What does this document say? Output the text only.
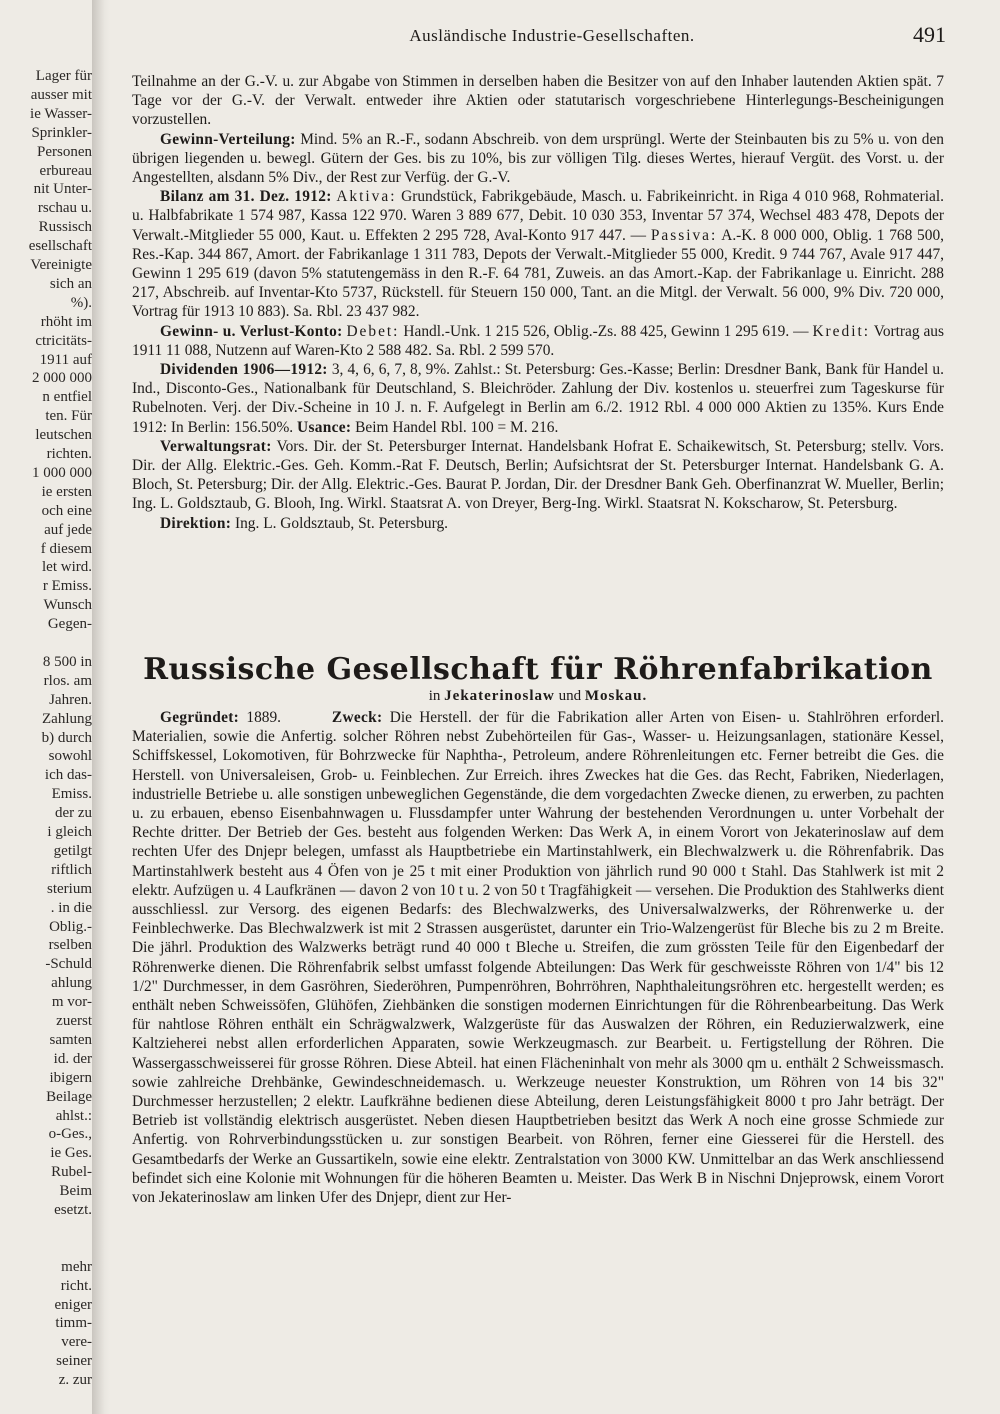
Lager für
ausser mit
ie Wasser-
Sprinkler-
Personen
erbureau
nit Unter-
rschau u.
Russisch
esellschaft
Vereinigte
sich an
%).
rhöht im
ctricitäts-
1911 auf
2 000 000
n entfiel
ten. Für
leutschen
richten.
1 000 000
ie ersten
och eine
auf jede
f diesem
let wird.
r Emiss.
Wunsch
Gegen-
8 500 in
rlos. am
Jahren.
Zahlung
b) durch
sowohl
ich das-
Emiss.
der zu
i gleich
getilgt
riftlich
sterium
. in die
Oblig.-
rselben
-Schuld
ahlung
m vor-
zuerst
samten
id. der
ibigern
Beilage
ahlst.:
o-Ges.,
ie Ges.
Rubel-
Beim
esetzt.
mehr
richt.
eniger
timm-
vere-
seiner
z. zur
Ausländische Industrie-Gesellschaften.	491

Teilnahme an der G.-V. u. zur Abgabe von Stimmen in derselben haben die Besitzer von auf den Inhaber lautenden Aktien spät. 7 Tage vor der G.-V. der Verwalt. entweder ihre Aktien oder statutarisch vorgeschriebene Hinterlegungs-Bescheinigungen vorzustellen.

Gewinn-Verteilung: Mind. 5% an R.-F., sodann Abschreib. von dem ursprüngl. Werte der Steinbauten bis zu 5% u. von den übrigen liegenden u. bewegl. Gütern der Ges. bis zu 10%, bis zur völligen Tilg. dieses Wertes, hierauf Vergüt. des Vorst. u. der Angestellten, alsdann 5% Div., der Rest zur Verfüg. der G.-V.

Bilanz am 31. Dez. 1912: Aktiva: Grundstück, Fabrikgebäude, Masch. u. Fabrikeinricht. in Riga 4 010 968, Rohmaterial. u. Halbfabrikate 1 574 987, Kassa 122 970. Waren 3 889 677, Debit. 10 030 353, Inventar 57 374, Wechsel 483 478, Depots der Verwalt.-Mitglieder 55 000, Kaut. u. Effekten 2 295 728, Aval-Konto 917 447. — Passiva: A.-K. 8 000 000, Oblig. 1 768 500, Res.-Kap. 344 867, Amort. der Fabrikanlage 1 311 783, Depots der Verwalt.-Mitglieder 55 000, Kredit. 9 744 767, Avale 917 447, Gewinn 1 295 619 (davon 5% statutengemäss in den R.-F. 64 781, Zuweis. an das Amort.-Kap. der Fabrikanlage u. Einricht. 288 217, Abschreib. auf Inventar-Kto 5737, Rückstell. für Steuern 150 000, Tant. an die Mitgl. der Verwalt. 56 000, 9% Div. 720 000, Vortrag für 1913 10 883). Sa. Rbl. 23 437 982.

Gewinn- u. Verlust-Konto: Debet: Handl.-Unk. 1 215 526, Oblig.-Zs. 88 425, Gewinn 1 295 619. — Kredit: Vortrag aus 1911 11 088, Nutzenn auf Waren-Kto 2 588 482. Sa. Rbl. 2 599 570.

Dividenden 1906—1912: 3, 4, 6, 6, 7, 8, 9%. Zahlst.: St. Petersburg: Ges.-Kasse; Berlin: Dresdner Bank, Bank für Handel u. Ind., Disconto-Ges., Nationalbank für Deutschland, S. Bleichröder. Zahlung der Div. kostenlos u. steuerfrei zum Tageskurse für Rubelnoten. Verj. der Div.-Scheine in 10 J. n. F. Aufgelegt in Berlin am 6./2. 1912 Rbl. 4 000 000 Aktien zu 135%. Kurs Ende 1912: In Berlin: 156.50%. Usance: Beim Handel Rbl. 100 = M. 216.

Verwaltungsrat: Vors. Dir. der St. Petersburger Internat. Handelsbank Hofrat E. Schaikewitsch, St. Petersburg; stellv. Vors. Dir. der Allg. Elektric.-Ges. Geh. Komm.-Rat F. Deutsch, Berlin; Aufsichtsrat der St. Petersburger Internat. Handelsbank G. A. Bloch, St. Petersburg; Dir. der Allg. Elektric.-Ges. Baurat P. Jordan, Dir. der Dresdner Bank Geh. Oberfinanzrat W. Mueller, Berlin; Ing. L. Goldsztaub, G. Blooh, Ing. Wirkl. Staatsrat A. von Dreyer, Berg-Ing. Wirkl. Staatsrat N. Kokscharow, St. Petersburg.

Direktion: Ing. L. Goldsztaub, St. Petersburg.

Russische Gesellschaft für Röhrenfabrikation
in Jekaterinoslaw und Moskau.

Gegründet: 1889.	Zweck: Die Herstell. der für die Fabrikation aller Arten von Eisen- u. Stahlröhren erforderl. Materialien, sowie die Anfertig. solcher Röhren nebst Zubehörteilen für Gas-, Wasser- u. Heizungsanlagen, stationäre Kessel, Schiffskessel, Lokomotiven, für Bohrzwecke für Naphtha-, Petroleum, andere Röhrenleitungen etc. Ferner betreibt die Ges. die Herstell. von Universaleisen, Grob- u. Feinblechen. Zur Erreich. ihres Zweckes hat die Ges. das Recht, Fabriken, Niederlagen, industrielle Betriebe u. alle sonstigen unbeweglichen Gegenstände, die dem vorgedachten Zwecke dienen, zu erwerben, zu pachten u. zu erbauen, ebenso Eisenbahnwagen u. Flussdampfer unter Wahrung der bestehenden Verordnungen u. unter Vorbehalt der Rechte dritter. Der Betrieb der Ges. besteht aus folgenden Werken: Das Werk A, in einem Vorort von Jekaterinoslaw auf dem rechten Ufer des Dnjepr belegen, umfasst als Hauptbetriebe ein Martinstahlwerk, ein Blechwalzwerk u. die Röhrenfabrik. Das Martinstahlwerk besteht aus 4 Öfen von je 25 t mit einer Produktion von jährlich rund 90 000 t Stahl. Das Stahlwerk ist mit 2 elektr. Aufzügen u. 4 Laufkränen — davon 2 von 10 t u. 2 von 50 t Tragfähigkeit — versehen. Die Produktion des Stahlwerks dient ausschliessl. zur Versorg. des eigenen Bedarfs: des Blechwalzwerks, des Universalwalzwerks, der Röhrenwerke u. der Feinblechwerke. Das Blechwalzwerk ist mit 2 Strassen ausgerüstet, darunter ein Trio-Walzengerüst für Bleche bis zu 2 m Breite. Die jährl. Produktion des Walzwerks beträgt rund 40 000 t Bleche u. Streifen, die zum grössten Teile für den Eigenbedarf der Röhrenwerke dienen. Die Röhrenfabrik selbst umfasst folgende Abteilungen: Das Werk für geschweisste Röhren von 1/4" bis 12 1/2" Durchmesser, in dem Gasröhren, Siederöhren, Pumpenröhren, Bohrröhren, Naphthaleitungsröhren etc. hergestellt werden; es enthält neben Schweissöfen, Glühöfen, Ziehbänken die sonstigen modernen Einrichtungen für die Röhrenbearbeitung. Das Werk für nahtlose Röhren enthält ein Schrägwalzwerk, Walzgerüste für das Auswalzen der Röhren, ein Reduzierwalzwerk, eine Kaltzieherei nebst allen erforderlichen Apparaten, sowie Werkzeugmasch. zur Bearbeit. u. Fertigstellung der Röhren. Die Wassergasschweisserei für grosse Röhren. Diese Abteil. hat einen Flächeninhalt von mehr als 3000 qm u. enthält 2 Schweissmasch. sowie zahlreiche Drehbänke, Gewindeschneidemasch. u. Werkzeuge neuester Konstruktion, um Röhren von 14 bis 32" Durchmesser herzustellen; 2 elektr. Laufkrähne bedienen diese Abteilung, deren Leistungsfähigkeit 8000 t pro Jahr beträgt. Der Betrieb ist vollständig elektrisch ausgerüstet. Neben diesen Hauptbetrieben besitzt das Werk A noch eine grosse Schmiede zur Anfertig. von Rohrverbindungsstücken u. zur sonstigen Bearbeit. von Röhren, ferner eine Giesserei für die Herstell. des Gesamtbedarfs der Werke an Gussartikeln, sowie eine elektr. Zentralstation von 3000 KW. Unmittelbar an das Werk anschliessend befindet sich eine Kolonie mit Wohnungen für die höheren Beamten u. Meister. Das Werk B in Nischni Dnjeprowsk, einem Vorort von Jekaterinoslaw am linken Ufer des Dnjepr, dient zur Her-
